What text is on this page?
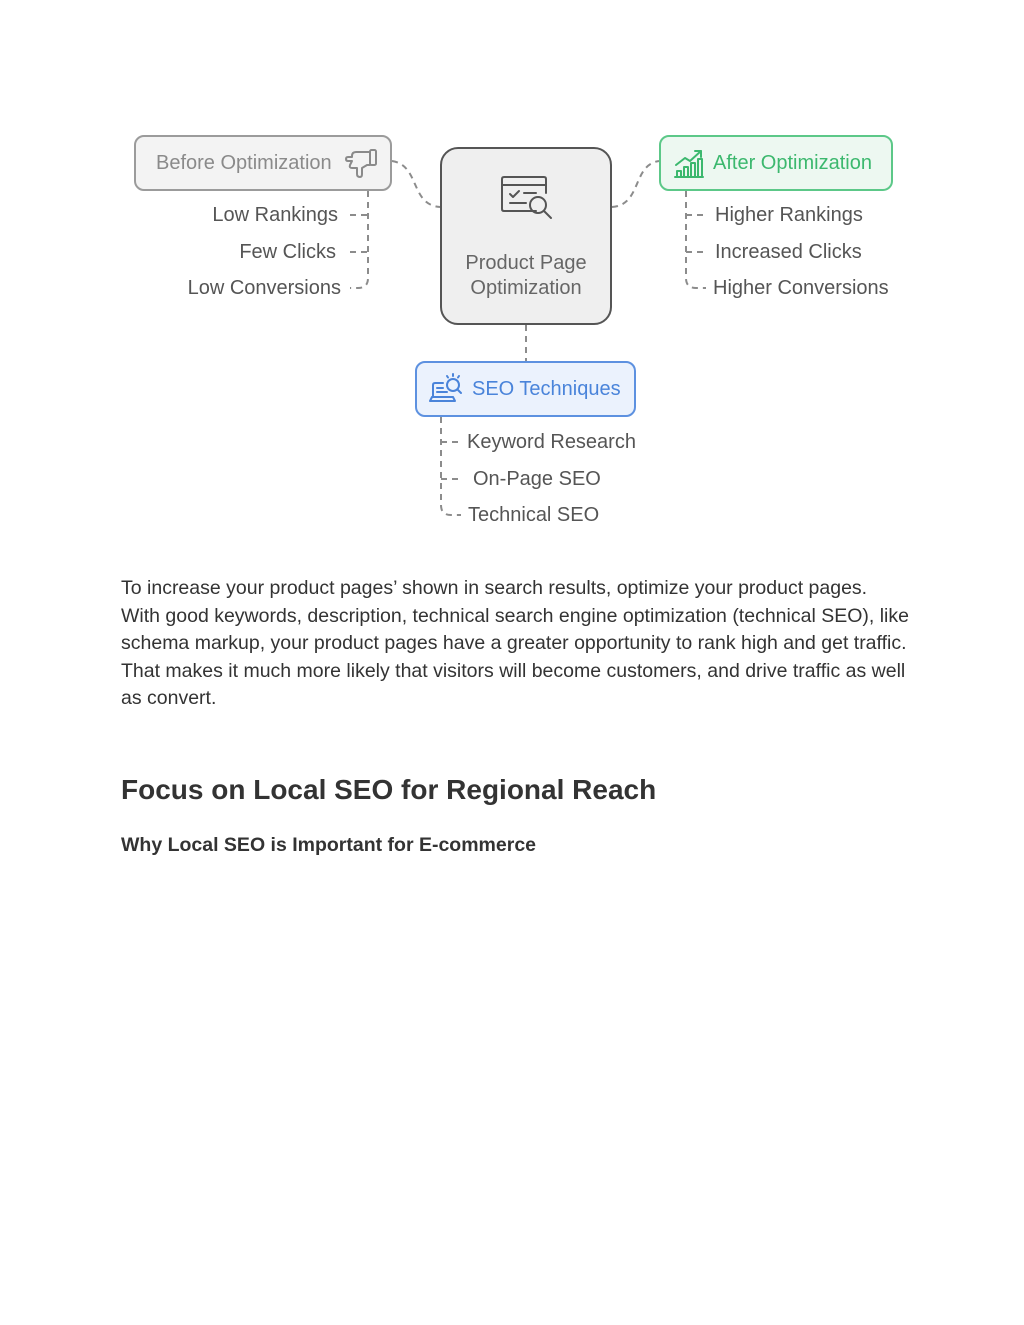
Before Optimization
Product Page Optimization
After Optimization
SEO Techniques
Low Rankings
Few Clicks
Low Conversions
Higher Rankings
Increased Clicks
Higher Conversions
Keyword Research
On-Page SEO
Technical SEO

To increase your product pages’ shown in search results, optimize your product pages. With good keywords, description, technical search engine optimization (technical SEO), like schema markup, your product pages have a greater opportunity to rank high and get traffic. That makes it much more likely that visitors will become customers, and drive traffic as well as convert.

Focus on Local SEO for Regional Reach
Why Local SEO is Important for E-commerce
